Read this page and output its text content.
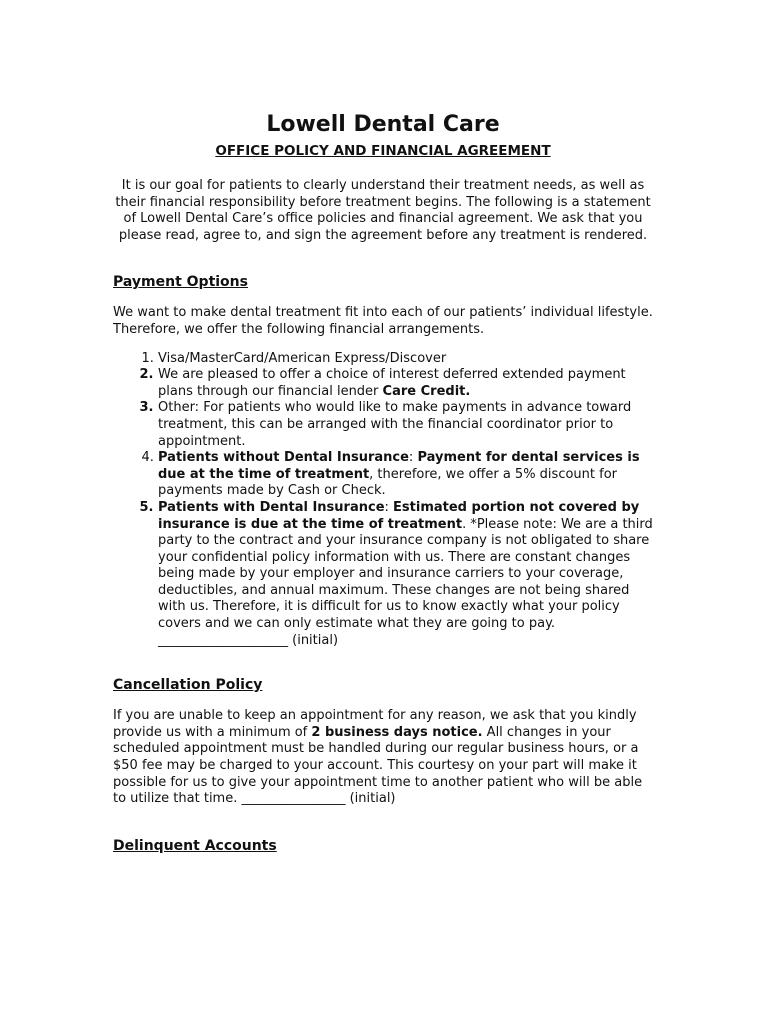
Lowell Dental Care
OFFICE POLICY AND FINANCIAL AGREEMENT

It is our goal for patients to clearly understand their treatment needs, as well as their financial responsibility before treatment begins. The following is a statement of Lowell Dental Care’s office policies and financial agreement. We ask that you please read, agree to, and sign the agreement before any treatment is rendered.

Payment Options

We want to make dental treatment fit into each of our patients’ individual lifestyle. Therefore, we offer the following financial arrangements.

1. Visa/MasterCard/American Express/Discover
2. We are pleased to offer a choice of interest deferred extended payment plans through our financial lender Care Credit.
3. Other: For patients who would like to make payments in advance toward treatment, this can be arranged with the financial coordinator prior to appointment.
4. Patients without Dental Insurance: Payment for dental services is due at the time of treatment, therefore, we offer a 5% discount for payments made by Cash or Check.
5. Patients with Dental Insurance: Estimated portion not covered by insurance is due at the time of treatment. *Please note: We are a third party to the contract and your insurance company is not obligated to share your confidential policy information with us. There are constant changes being made by your employer and insurance carriers to your coverage, deductibles, and annual maximum. These changes are not being shared with us. Therefore, it is difficult for us to know exactly what your policy covers and we can only estimate what they are going to pay. ____________________ (initial)
Cancellation Policy

If you are unable to keep an appointment for any reason, we ask that you kindly provide us with a minimum of 2 business days notice. All changes in your scheduled appointment must be handled during our regular business hours, or a $50 fee may be charged to your account. This courtesy on your part will make it possible for us to give your appointment time to another patient who will be able to utilize that time. ________________ (initial)

Delinquent Accounts
